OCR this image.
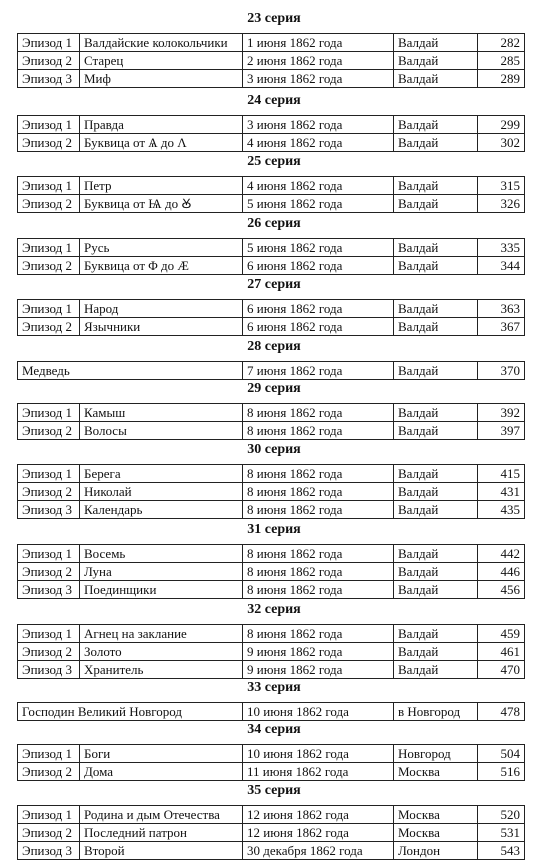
23 серия
Эпизод 1	Валдайские колокольчики	1 июня 1862 года	Валдай	282
Эпизод 2	Старец	2 июня 1862 года	Валдай	285
Эпизод 3	Миф	3 июня 1862 года	Валдай	289
24 серия
Эпизод 1	Правда	3 июня 1862 года	Валдай	299
Эпизод 2	Буквица от Ѧ до Λ	4 июня 1862 года	Валдай	302
25 серия
Эпизод 1	Петр	4 июня 1862 года	Валдай	315
Эпизод 2	Буквица от Ѩ до Ꙋ	5 июня 1862 года	Валдай	326
26 серия
Эпизод 1	Русь	5 июня 1862 года	Валдай	335
Эпизод 2	Буквица от Φ до Æ	6 июня 1862 года	Валдай	344
27 серия
Эпизод 1	Народ	6 июня 1862 года	Валдай	363
Эпизод 2	Язычники	6 июня 1862 года	Валдай	367
28 серия
Медведь	7 июня 1862 года	Валдай	370
29 серия
Эпизод 1	Камыш	8 июня 1862 года	Валдай	392
Эпизод 2	Волосы	8 июня 1862 года	Валдай	397
30 серия
Эпизод 1	Берега	8 июня 1862 года	Валдай	415
Эпизод 2	Николай	8 июня 1862 года	Валдай	431
Эпизод 3	Календарь	8 июня 1862 года	Валдай	435
31 серия
Эпизод 1	Восемь	8 июня 1862 года	Валдай	442
Эпизод 2	Луна	8 июня 1862 года	Валдай	446
Эпизод 3	Поединщики	8 июня 1862 года	Валдай	456
32 серия
Эпизод 1	Агнец на заклание	8 июня 1862 года	Валдай	459
Эпизод 2	Золото	9 июня 1862 года	Валдай	461
Эпизод 3	Хранитель	9 июня 1862 года	Валдай	470
33 серия
Господин Великий Новгород	10 июня 1862 года	в Новгород	478
34 серия
Эпизод 1	Боги	10 июня 1862 года	Новгород	504
Эпизод 2	Дома	11 июня 1862 года	Москва	516
35 серия
Эпизод 1	Родина и дым Отечества	12 июня 1862 года	Москва	520
Эпизод 2	Последний патрон	12 июня 1862 года	Москва	531
Эпизод 3	Второй	30 декабря 1862 года	Лондон	543
